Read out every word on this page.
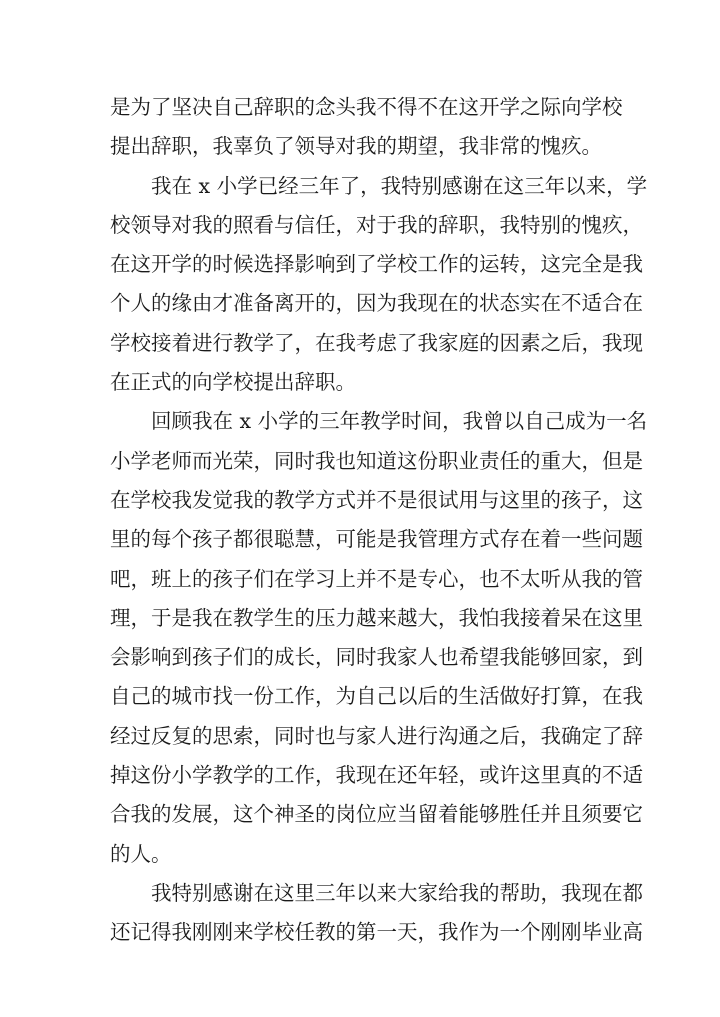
是为了坚决自己辞职的念头我不得不在这开学之际向学校
提出辞职，我辜负了领导对我的期望，我非常的愧疚。
我在 x 小学已经三年了，我特别感谢在这三年以来，学
校领导对我的照看与信任，对于我的辞职，我特别的愧疚，
在这开学的时候选择影响到了学校工作的运转，这完全是我
个人的缘由才准备离开的，因为我现在的状态实在不适合在
学校接着进行教学了，在我考虑了我家庭的因素之后，我现
在正式的向学校提出辞职。
回顾我在 x 小学的三年教学时间，我曾以自己成为一名
小学老师而光荣，同时我也知道这份职业责任的重大，但是
在学校我发觉我的教学方式并不是很试用与这里的孩子，这
里的每个孩子都很聪慧，可能是我管理方式存在着一些问题
吧，班上的孩子们在学习上并不是专心，也不太听从我的管
理，于是我在教学生的压力越来越大，我怕我接着呆在这里
会影响到孩子们的成长，同时我家人也希望我能够回家，到
自己的城市找一份工作，为自己以后的生活做好打算，在我
经过反复的思索，同时也与家人进行沟通之后，我确定了辞
掉这份小学教学的工作，我现在还年轻，或许这里真的不适
合我的发展，这个神圣的岗位应当留着能够胜任并且须要它
的人。
我特别感谢在这里三年以来大家给我的帮助，我现在都
还记得我刚刚来学校任教的第一天，我作为一个刚刚毕业高
